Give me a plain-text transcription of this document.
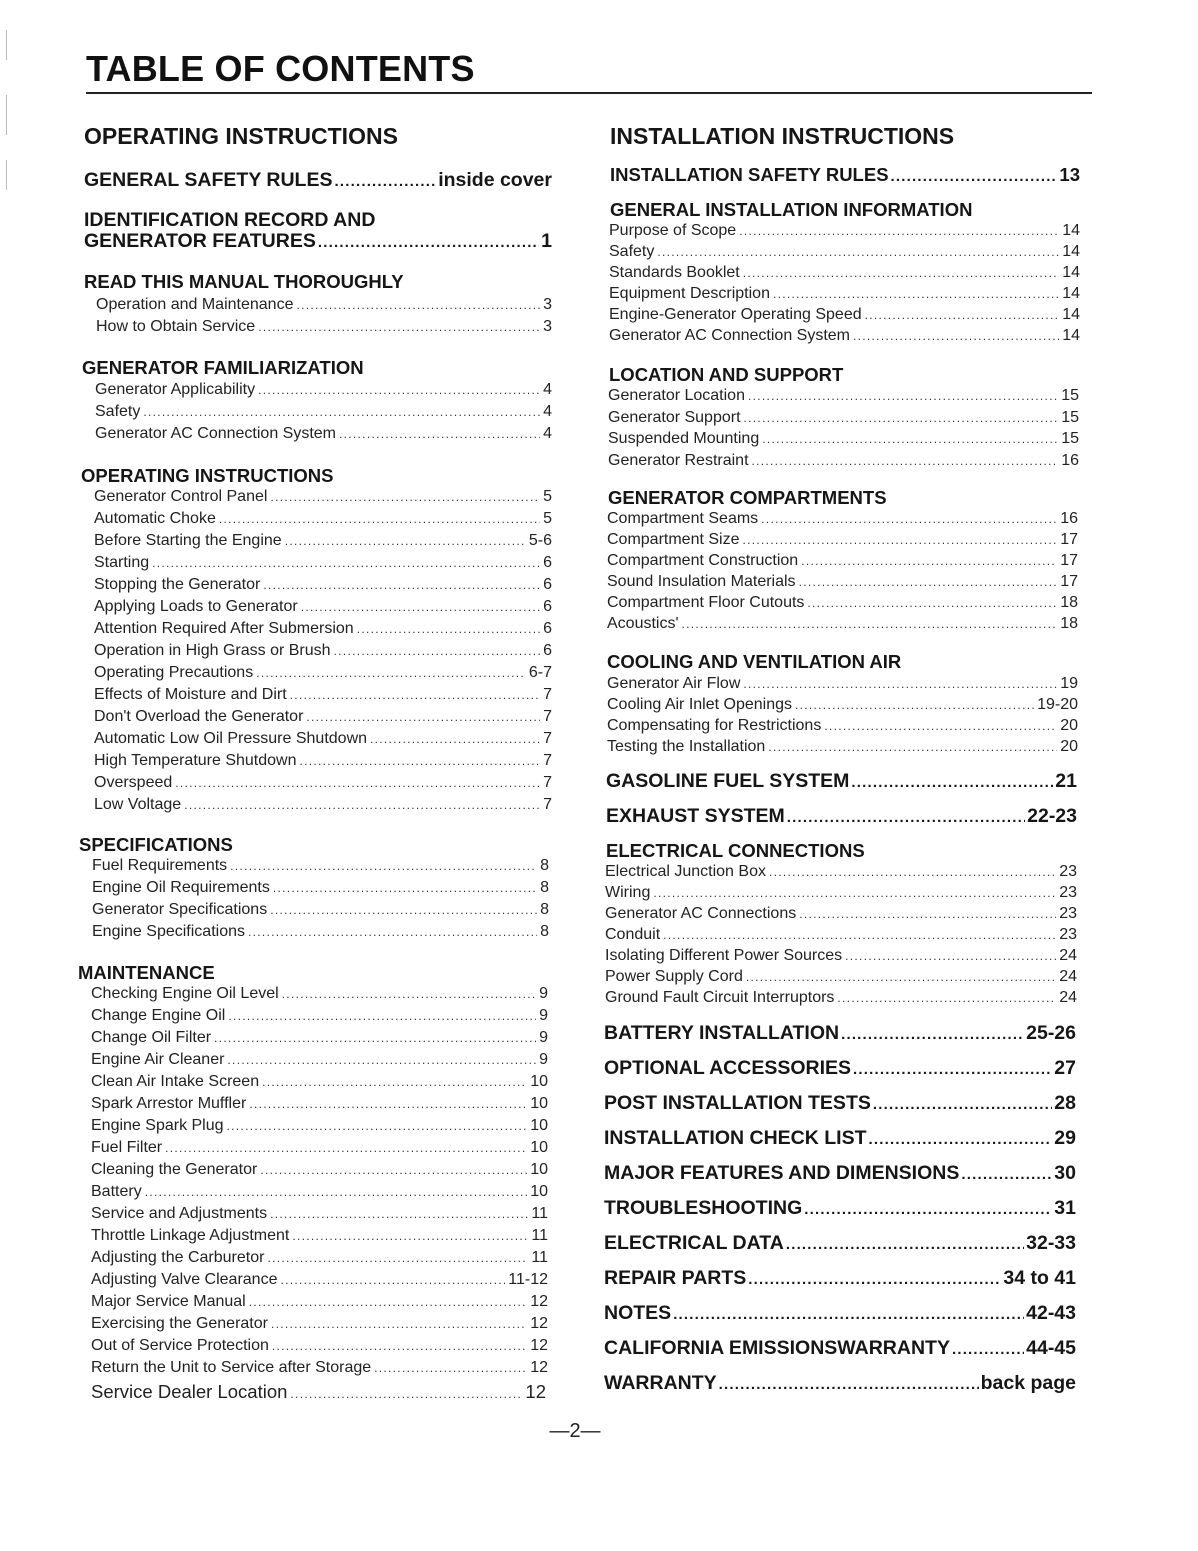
TABLE OF CONTENTS
OPERATING INSTRUCTIONS
GENERAL SAFETY RULES .....	inside cover
IDENTIFICATION RECORD AND
GENERATOR FEATURES .....	1
READ THIS MANUAL THOROUGHLY
Operation and Maintenance .....	3
How to Obtain Service .....	3
GENERATOR FAMILIARIZATION
Generator Applicability .....	4
Safety .....	4
Generator AC Connection System .....	4
OPERATING INSTRUCTIONS
Generator Control Panel .....	5
Automatic Choke .....	5
Before Starting the Engine .....	5-6
Starting .....	6
Stopping the Generator .....	6
Applying Loads to Generator .....	6
Attention Required After Submersion .....	6
Operation in High Grass or Brush .....	6
Operating Precautions .....	6-7
Effects of Moisture and Dirt .....	7
Don't Overload the Generator .....	7
Automatic Low Oil Pressure Shutdown .....	7
High Temperature Shutdown .....	7
Overspeed .....	7
Low Voltage .....	7
SPECIFICATIONS
Fuel Requirements .....	8
Engine Oil Requirements .....	8
Generator Specifications .....	8
Engine Specifications .....	8
MAINTENANCE
Checking Engine Oil Level .....	9
Change Engine Oil .....	9
Change Oil Filter .....	9
Engine Air Cleaner .....	9
Clean Air Intake Screen .....	10
Spark Arrestor Muffler .....	10
Engine Spark Plug .....	10
Fuel Filter .....	10
Cleaning the Generator .....	10
Battery .....	10
Service and Adjustments .....	11
Throttle Linkage Adjustment .....	11
Adjusting the Carburetor .....	11
Adjusting Valve Clearance .....	11-12
Major Service Manual .....	12
Exercising the Generator .....	12
Out of Service Protection .....	12
Return the Unit to Service after Storage .....	12
Service Dealer Location .....	12
INSTALLATION INSTRUCTIONS
INSTALLATION SAFETY RULES .....	13
GENERAL INSTALLATION INFORMATION
Purpose of Scope .....	14
Safety .....	14
Standards Booklet .....	14
Equipment Description .....	14
Engine-Generator Operating Speed .....	14
Generator AC Connection System .....	14
LOCATION AND SUPPORT
Generator Location .....	15
Generator Support .....	15
Suspended Mounting .....	15
Generator Restraint .....	16
GENERATOR COMPARTMENTS
Compartment Seams .....	16
Compartment Size .....	17
Compartment Construction .....	17
Sound Insulation Materials .....	17
Compartment Floor Cutouts .....	18
Acoustics' .....	18
COOLING AND VENTILATION AIR
Generator Air Flow .....	19
Cooling Air Inlet Openings .....	19-20
Compensating for Restrictions .....	20
Testing the Installation .....	20
GASOLINE FUEL SYSTEM .....	21
EXHAUST SYSTEM .....	22-23
ELECTRICAL CONNECTIONS
Electrical Junction Box .....	23
Wiring .....	23
Generator AC Connections .....	23
Conduit .....	23
Isolating Different Power Sources .....	24
Power Supply Cord .....	24
Ground Fault Circuit Interruptors .....	24
BATTERY INSTALLATION .....	25-26
OPTIONAL ACCESSORIES .....	27
POST INSTALLATION TESTS .....	28
INSTALLATION CHECK LIST .....	29
MAJOR FEATURES AND DIMENSIONS .....	30
TROUBLESHOOTING .....	31
ELECTRICAL DATA .....	32-33
REPAIR PARTS .....	34 to 41
NOTES .....	42-43
CALIFORNIA EMISSIONSWARRANTY .....	44-45
WARRANTY .....	back page
—2—
